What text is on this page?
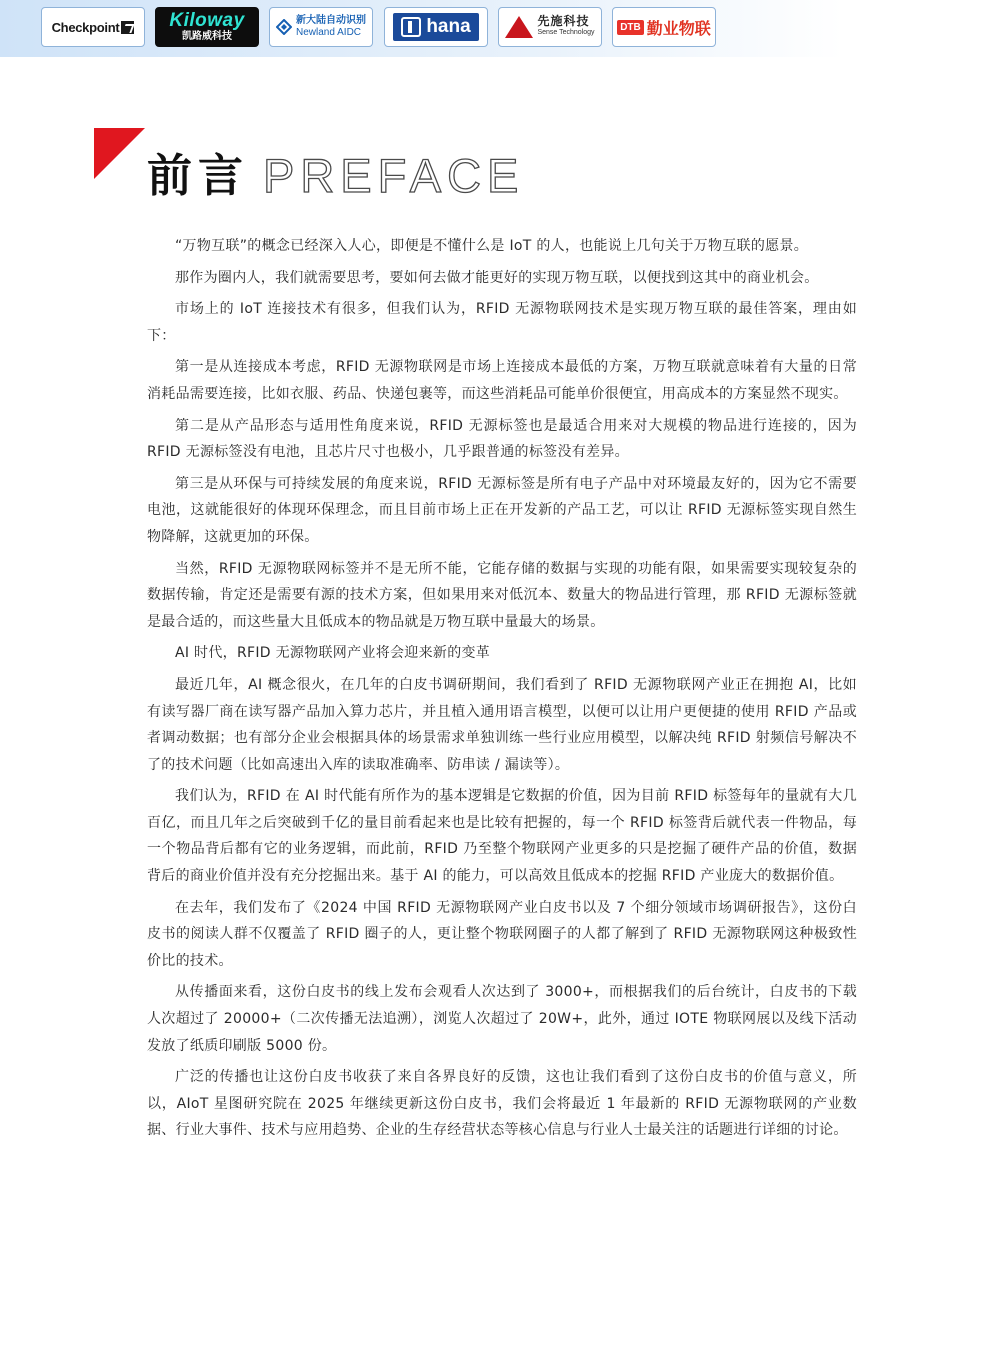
Checkpoint	Kiloway
凯路威科技
新大陆自动识别
Newland AIDC	hana	先施科技
Sense Technology	DTB 勤业物联
前言 PREFACE

“万物互联”的概念已经深入人心，即便是不懂什么是 IoT 的人，也能说上几句关于万物互联的愿景。

那作为圈内人，我们就需要思考，要如何去做才能更好的实现万物互联，以便找到这其中的商业机会。

市场上的 IoT 连接技术有很多，但我们认为，RFID 无源物联网技术是实现万物互联的最佳答案，理由如下：

第一是从连接成本考虑，RFID 无源物联网是市场上连接成本最低的方案，万物互联就意味着有大量的日常消耗品需要连接，比如衣服、药品、快递包裹等，而这些消耗品可能单价很便宜，用高成本的方案显然不现实。

第二是从产品形态与适用性角度来说，RFID 无源标签也是最适合用来对大规模的物品进行连接的，因为 RFID 无源标签没有电池，且芯片尺寸也极小，几乎跟普通的标签没有差异。

第三是从环保与可持续发展的角度来说，RFID 无源标签是所有电子产品中对环境最友好的，因为它不需要电池，这就能很好的体现环保理念，而且目前市场上正在开发新的产品工艺，可以让 RFID 无源标签实现自然生物降解，这就更加的环保。

当然，RFID 无源物联网标签并不是无所不能，它能存储的数据与实现的功能有限，如果需要实现较复杂的数据传输，肯定还是需要有源的技术方案，但如果用来对低沉本、数量大的物品进行管理，那 RFID 无源标签就是最合适的，而这些量大且低成本的物品就是万物互联中量最大的场景。

AI 时代，RFID 无源物联网产业将会迎来新的变革

最近几年，AI 概念很火，在几年的白皮书调研期间，我们看到了 RFID 无源物联网产业正在拥抱 AI，比如有读写器厂商在读写器产品加入算力芯片，并且植入通用语言模型，以便可以让用户更便捷的使用 RFID 产品或者调动数据；也有部分企业会根据具体的场景需求单独训练一些行业应用模型，以解决纯 RFID 射频信号解决不了的技术问题（比如高速出入库的读取准确率、防串读 / 漏读等）。

我们认为，RFID 在 AI 时代能有所作为的基本逻辑是它数据的价值，因为目前 RFID 标签每年的量就有大几百亿，而且几年之后突破到千亿的量目前看起来也是比较有把握的，每一个 RFID 标签背后就代表一件物品，每一个物品背后都有它的业务逻辑，而此前，RFID 乃至整个物联网产业更多的只是挖掘了硬件产品的价值，数据背后的商业价值并没有充分挖掘出来。基于 AI 的能力，可以高效且低成本的挖掘 RFID 产业庞大的数据价值。

在去年，我们发布了《2024 中国 RFID 无源物联网产业白皮书以及 7 个细分领域市场调研报告》，这份白皮书的阅读人群不仅覆盖了 RFID 圈子的人，更让整个物联网圈子的人都了解到了 RFID 无源物联网这种极致性价比的技术。

从传播面来看，这份白皮书的线上发布会观看人次达到了 3000+，而根据我们的后台统计，白皮书的下载人次超过了 20000+（二次传播无法追溯），浏览人次超过了 20W+，此外，通过 IOTE 物联网展以及线下活动发放了纸质印刷版 5000 份。

广泛的传播也让这份白皮书收获了来自各界良好的反馈，这也让我们看到了这份白皮书的价值与意义，所以，AIoT 星图研究院在 2025 年继续更新这份白皮书，我们会将最近 1 年最新的 RFID 无源物联网的产业数据、行业大事件、技术与应用趋势、企业的生存经营状态等核心信息与行业人士最关注的话题进行详细的讨论。
